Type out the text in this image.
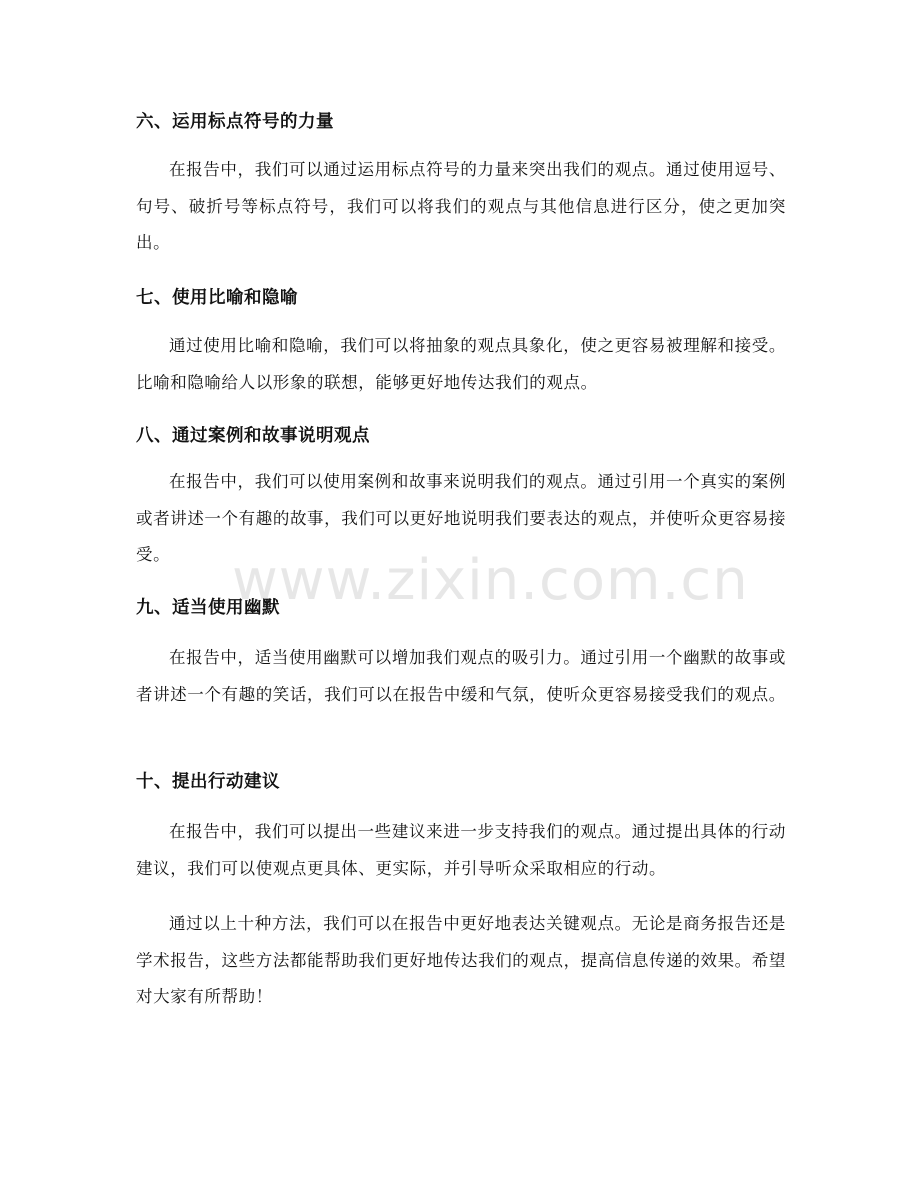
六、运用标点符号的力量
在报告中，我们可以通过运用标点符号的力量来突出我们的观点。通过使用逗号、句号、破折号等标点符号，我们可以将我们的观点与其他信息进行区分，使之更加突出。
七、使用比喻和隐喻
通过使用比喻和隐喻，我们可以将抽象的观点具象化，使之更容易被理解和接受。比喻和隐喻给人以形象的联想，能够更好地传达我们的观点。
八、通过案例和故事说明观点
在报告中，我们可以使用案例和故事来说明我们的观点。通过引用一个真实的案例或者讲述一个有趣的故事，我们可以更好地说明我们要表达的观点，并使听众更容易接受。
九、适当使用幽默
在报告中，适当使用幽默可以增加我们观点的吸引力。通过引用一个幽默的故事或者讲述一个有趣的笑话，我们可以在报告中缓和气氛，使听众更容易接受我们的观点。
十、提出行动建议
在报告中，我们可以提出一些建议来进一步支持我们的观点。通过提出具体的行动建议，我们可以使观点更具体、更实际，并引导听众采取相应的行动。
通过以上十种方法，我们可以在报告中更好地表达关键观点。无论是商务报告还是学术报告，这些方法都能帮助我们更好地传达我们的观点，提高信息传递的效果。希望对大家有所帮助！
www.zixin.com.cn
